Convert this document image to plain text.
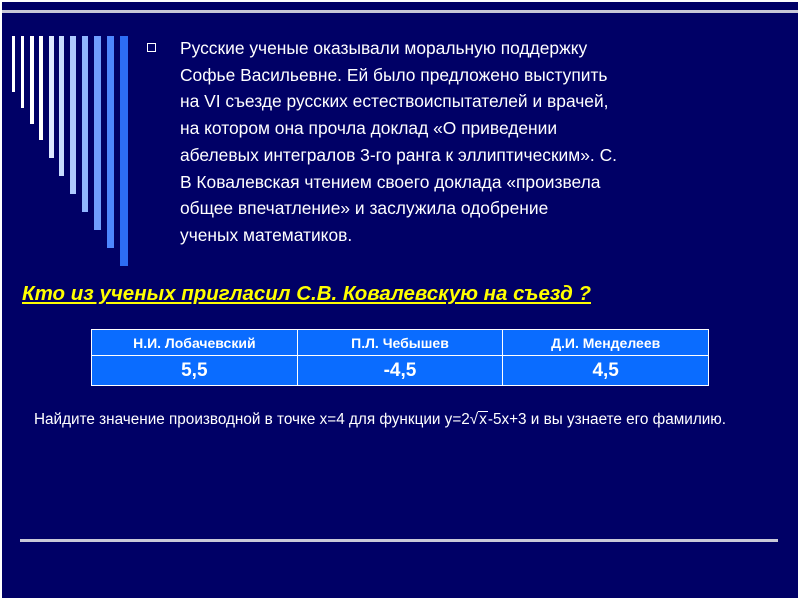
Русские ученые оказывали моральную поддержку
Софье Васильевне. Ей было предложено выступить
на VI съезде русских естествоиспытателей и врачей,
на котором она прочла доклад «О приведении
абелевых интегралов 3-го ранга к эллиптическим». С.
В Ковалевская чтением своего доклада «произвела
общее впечатление» и заслужила одобрение
ученых математиков.

Кто из ученых пригласил С.В. Ковалевскую на съезд ?

Н.И. Лобачевский	П.Л. Чебышев	Д.И. Менделеев
5,5	-4,5	4,5

Найдите значение производной в точке x=4 для функции y=2√x-5x+3 и вы узнаете его фамилию.
